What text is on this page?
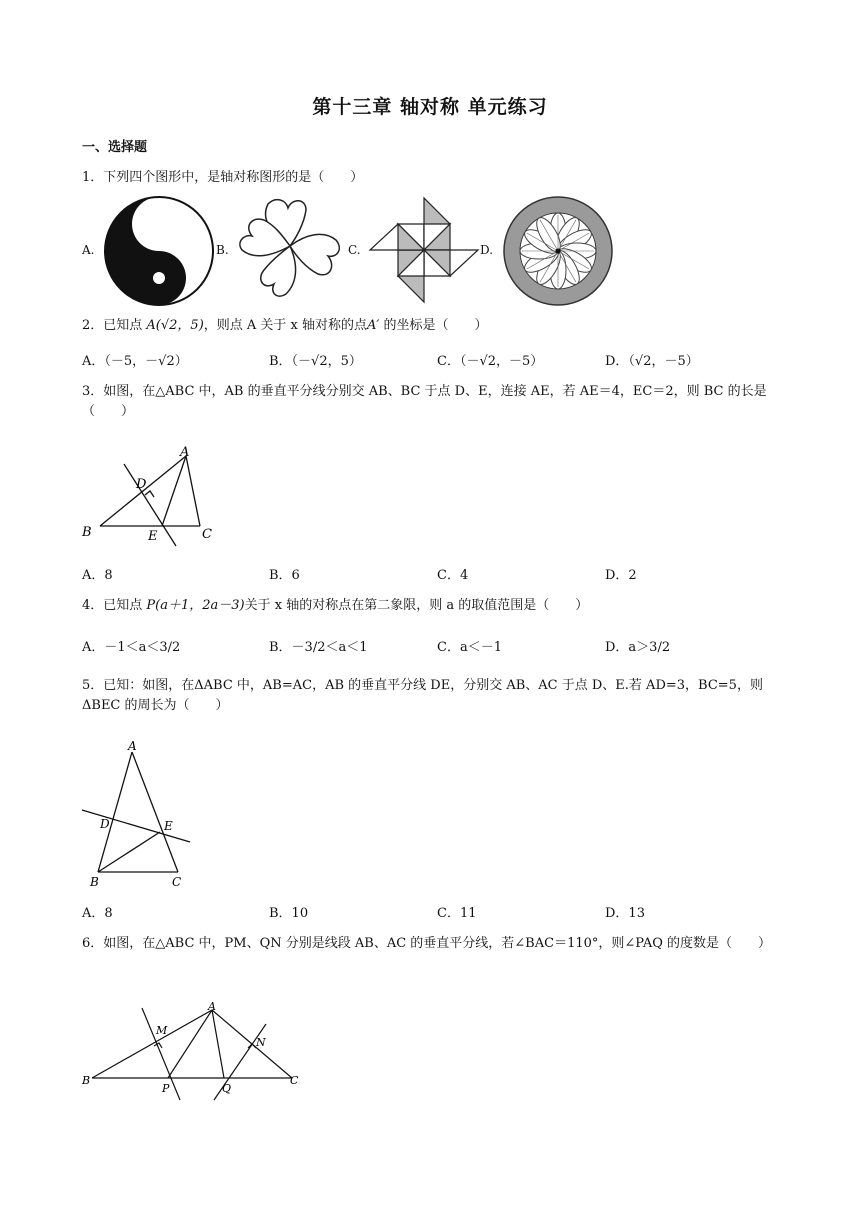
第十三章 轴对称 单元练习
一、选择题
1．下列四个图形中，是轴对称图形的是（　　）
A.	B.	C.	D.
2．已知点 A(√2，5)，则点 A 关于 x 轴对称的点A′ 的坐标是（　　）
A．（－5，－√2）	B．（－√2，5）	C．（－√2，－5）	D．（√2，－5）
3．如图，在△ABC 中，AB 的垂直平分线分别交 AB、BC 于点 D、E，连接 AE，若 AE＝4，EC＝2，则 BC 的长是（　　）
A
D
B	E	C
A．8	B．6	C．4	D．2
4．已知点 P(a＋1，2a－3)关于 x 轴的对称点在第二象限，则 a 的取值范围是（　　）
A．－1＜a＜3/2	B．－3/2＜a＜1	C．a＜－1	D．a＞3/2
5．已知：如图，在ΔABC 中，AB=AC，AB 的垂直平分线 DE，分别交 AB、AC 于点 D、E.若 AD=3，BC=5，则ΔBEC 的周长为（　　）
A
D	E
B	C
A．8	B．10	C．11	D．13
6．如图，在△ABC 中，PM、QN 分别是线段 AB、AC 的垂直平分线，若∠BAC＝110°，则∠PAQ 的度数是（　　）
A
M
N
B
P	Q
C
